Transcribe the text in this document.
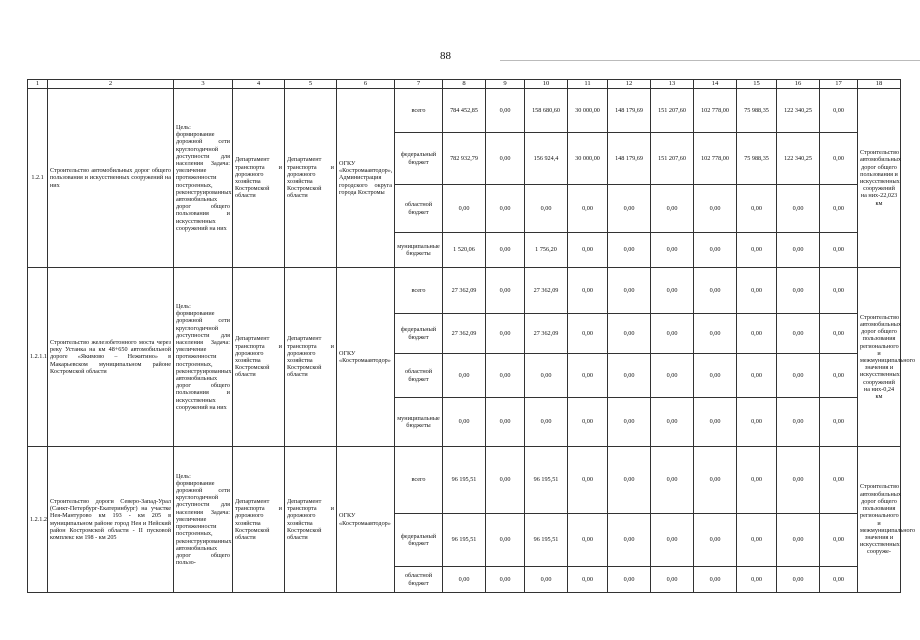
88
1	2	3	4	5	6	7	8	9	10	11	12	13	14	15	16	17	18
1.2.1	Строительство автомобильных дорог общего пользования и искусственных сооружений на них	Цель: формирование дорожной сети круглогодичной доступности для населения Задача: увеличение протяженности построенных, реконструированных автомобильных дорог общего пользования и искусственных сооружений на них	Департамент транспорта и дорожного хозяйства Костромской области	Департамент транспорта и дорожного хозяйства Костромской области	ОГКУ «Костромаавтодор», Администрация городского округа города Костромы	всего	784 452,85	0,00	158 680,60	30 000,00	148 179,69	151 207,60	102 778,00	75 988,35	122 340,25	0,00	Строительство автомобильных дорог общего пользования и искусственных сооружений на них-22,023 км
						федеральный бюджет	782 932,79	0,00	156 924,4	30 000,00	148 179,69	151 207,60	102 778,00	75 988,35	122 340,25	0,00	
						областной бюджет	0,00	0,00	0,00	0,00	0,00	0,00	0,00	0,00	0,00	0,00	
						муниципальные бюджеты	1 520,06	0,00	1 756,20	0,00	0,00	0,00	0,00	0,00	0,00	0,00	
1.2.1.1	Строительство железобетонного моста через реку Устанка на км 48+650 автомобильной дороге «Якимово – Нежитино» в Макарьевском муниципальном районе Костромской области	Цель: формирование дорожной сети круглогодичной доступности для населения Задача: увеличение протяженности построенных, реконструированных автомобильных дорог общего пользования и искусственных сооружений на них	Департамент транспорта и дорожного хозяйства Костромской области	Департамент транспорта и дорожного хозяйства Костромской области	ОГКУ «Костромаавтодор»	всего	27 362,09	0,00	27 362,09	0,00	0,00	0,00	0,00	0,00	0,00	0,00	Строительство автомобильных дорог общего пользования регионального и межмуниципального значения и искусственных сооружений на них-0,24 км
						федеральный бюджет	27 362,09	0,00	27 362,09	0,00	0,00	0,00	0,00	0,00	0,00	0,00	
						областной бюджет	0,00	0,00	0,00	0,00	0,00	0,00	0,00	0,00	0,00	0,00	
						муниципальные бюджеты	0,00	0,00	0,00	0,00	0,00	0,00	0,00	0,00	0,00	0,00	
1.2.1.2	Строительство дороги Северо-Запад-Урал (Санкт-Петербург-Екатеринбург) на участке Нея-Мантурово км 193 - км 205 в муниципальном районе город Нея и Нейский район Костромской области - II пусковой комплекс км 198 - км 205	Цель: формирование дорожной сети круглогодичной доступности для населения Задача: увеличение протяженности построенных, реконструированных автомобильных дорог общего пользо-	Департамент транспорта и дорожного хозяйства Костромской области	Департамент транспорта и дорожного хозяйства Костромской области	ОГКУ «Костромаавтодор»	всего	96 195,51	0,00	96 195,51	0,00	0,00	0,00	0,00	0,00	0,00	0,00	Строительство автомобильных дорог общего пользования регионального и межмуниципального значения и искусственных сооруже-
						федеральный бюджет	96 195,51	0,00	96 195,51	0,00	0,00	0,00	0,00	0,00	0,00	0,00	
						областной бюджет	0,00	0,00	0,00	0,00	0,00	0,00	0,00	0,00	0,00	0,00	
